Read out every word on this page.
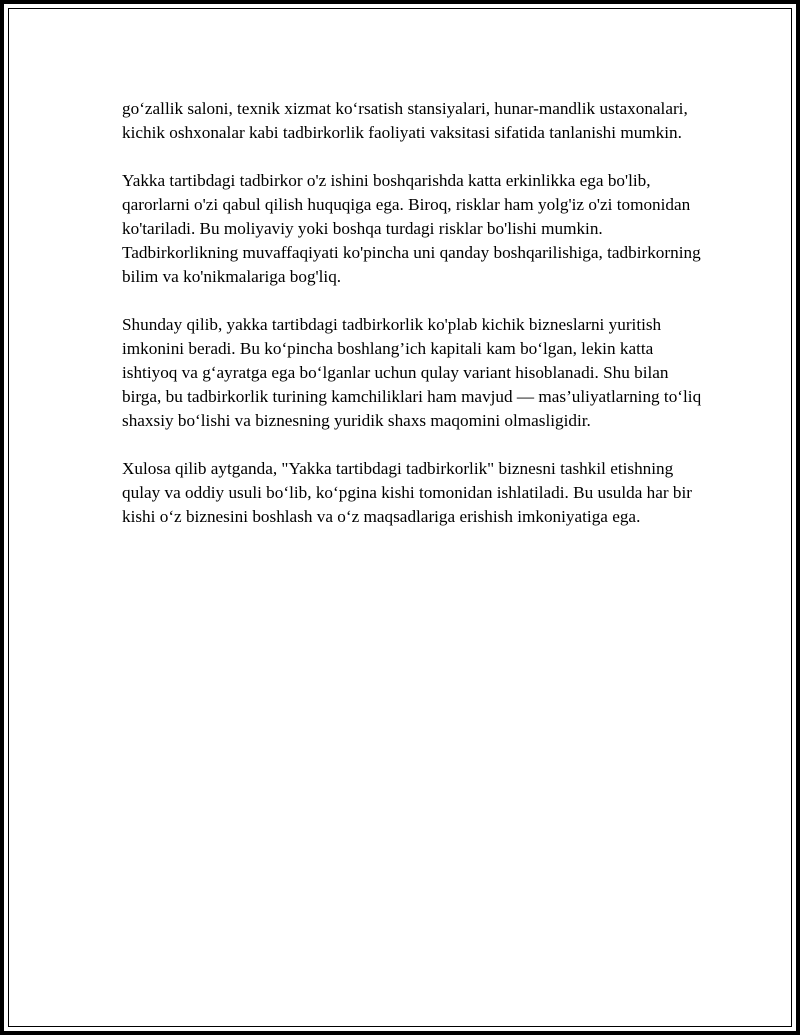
go‘zallik saloni, texnik xizmat ko‘rsatish stansiyalari, hunar-mandlik ustaxonalari, kichik oshxonalar kabi tadbirkorlik faoliyati vaksitasi sifatida tanlanishi mumkin.

Yakka tartibdagi tadbirkor o'z ishini boshqarishda katta erkinlikka ega bo'lib, qarorlarni o'zi qabul qilish huquqiga ega. Biroq, risklar ham yolg'iz o'zi tomonidan ko'tariladi. Bu moliyaviy yoki boshqa turdagi risklar bo'lishi mumkin. Tadbirkorlikning muvaffaqiyati ko'pincha uni qanday boshqarilishiga, tadbirkorning bilim va ko'nikmalariga bog'liq.

Shunday qilib, yakka tartibdagi tadbirkorlik ko'plab kichik bizneslarni yuritish imkonini beradi. Bu ko‘pincha boshlang’ich kapitali kam bo‘lgan, lekin katta ishtiyoq va g‘ayratga ega bo‘lganlar uchun qulay variant hisoblanadi. Shu bilan birga, bu tadbirkorlik turining kamchiliklari ham mavjud — mas’uliyatlarning to‘liq shaxsiy bo‘lishi va biznesning yuridik shaxs maqomini olmasligidir.

Xulosa qilib aytganda, "Yakka tartibdagi tadbirkorlik" biznesni tashkil etishning qulay va oddiy usuli bo‘lib, ko‘pgina kishi tomonidan ishlatiladi. Bu usulda har bir kishi o‘z biznesini boshlash va o‘z maqsadlariga erishish imkoniyatiga ega.
